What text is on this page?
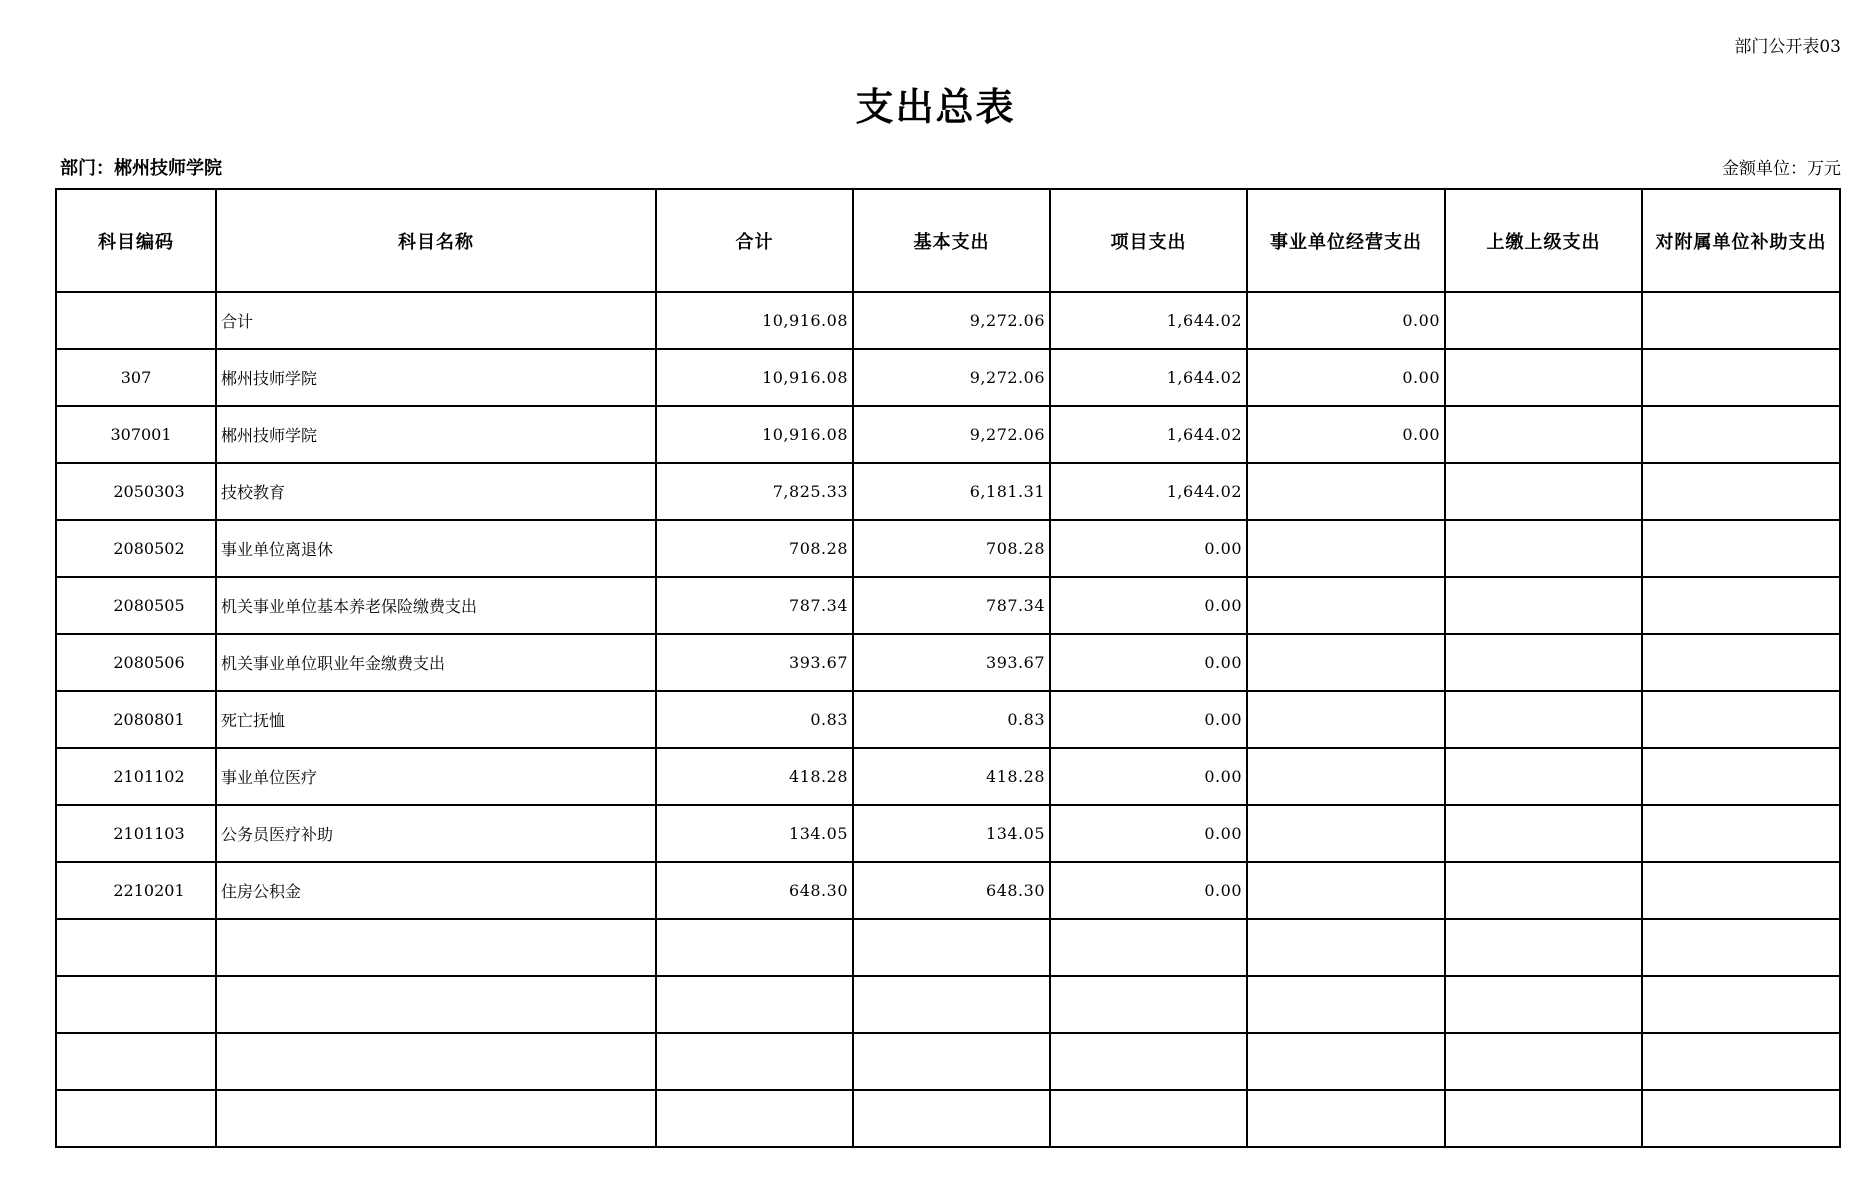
部门公开表03
支出总表
部门：郴州技师学院	金额单位：万元
科目编码	科目名称	合计	基本支出	项目支出	事业单位经营支出	上缴上级支出	对附属单位补助支出
	合计	10,916.08	9,272.06	1,644.02	0.00		
307	郴州技师学院	10,916.08	9,272.06	1,644.02	0.00		
307001	郴州技师学院	10,916.08	9,272.06	1,644.02	0.00		
2050303	技校教育	7,825.33	6,181.31	1,644.02			
2080502	事业单位离退休	708.28	708.28	0.00			
2080505	机关事业单位基本养老保险缴费支出	787.34	787.34	0.00			
2080506	机关事业单位职业年金缴费支出	393.67	393.67	0.00			
2080801	死亡抚恤	0.83	0.83	0.00			
2101102	事业单位医疗	418.28	418.28	0.00			
2101103	公务员医疗补助	134.05	134.05	0.00			
2210201	住房公积金	648.30	648.30	0.00			
